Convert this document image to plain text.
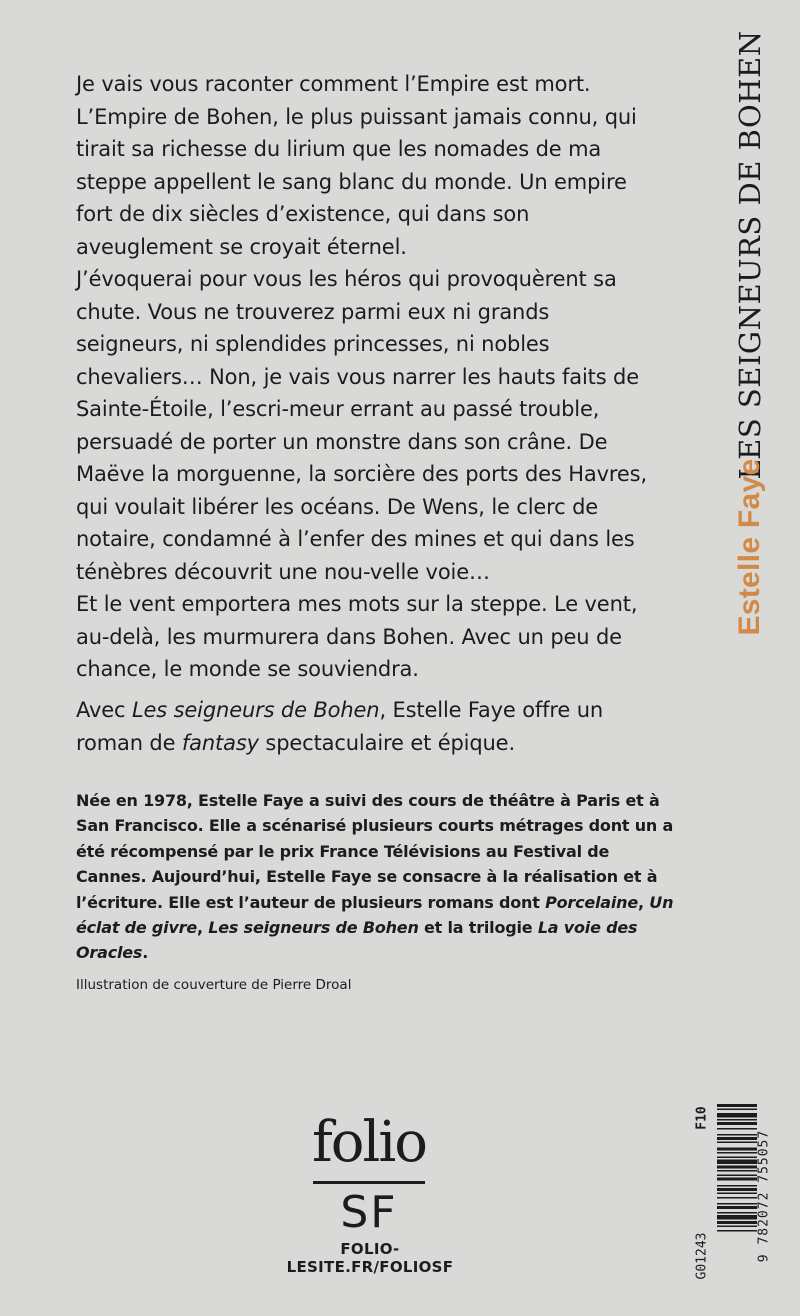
Je vais vous raconter comment l’Empire est mort. L’Empire de Bohen, le plus puissant jamais connu, qui tirait sa richesse du lirium que les nomades de ma steppe appellent le sang blanc du monde. Un empire fort de dix siècles d’existence, qui dans son aveuglement se croyait éternel.

J’évoquerai pour vous les héros qui provoquèrent sa chute. Vous ne trouverez parmi eux ni grands seigneurs, ni splendides princesses, ni nobles chevaliers… Non, je vais vous narrer les hauts faits de Sainte-Étoile, l’escri-meur errant au passé trouble, persuadé de porter un monstre dans son crâne. De Maëve la morguenne, la sorcière des ports des Havres, qui voulait libérer les océans. De Wens, le clerc de notaire, condamné à l’enfer des mines et qui dans les ténèbres découvrit une nou-velle voie…

Et le vent emportera mes mots sur la steppe. Le vent, au-delà, les murmurera dans Bohen. Avec un peu de chance, le monde se souviendra.

Avec Les seigneurs de Bohen, Estelle Faye offre un roman de fantasy spectaculaire et épique.

Née en 1978, Estelle Faye a suivi des cours de théâtre à Paris et à San Francisco. Elle a scénarisé plusieurs courts métrages dont un a été récompensé par le prix France Télévisions au Festival de Cannes. Aujourd’hui, Estelle Faye se consacre à la réalisation et à l’écriture. Elle est l’auteur de plusieurs romans dont Porcelaine, Un éclat de givre, Les seigneurs de Bohen et la trilogie La voie des Oracles.

Illustration de couverture de Pierre Droal

LES SEIGNEURS DE BOHEN
Estelle Faye
G01243
F10
9 782072 755057
folio
SF

FOLIO-LESITE.FR/FOLIOSF
